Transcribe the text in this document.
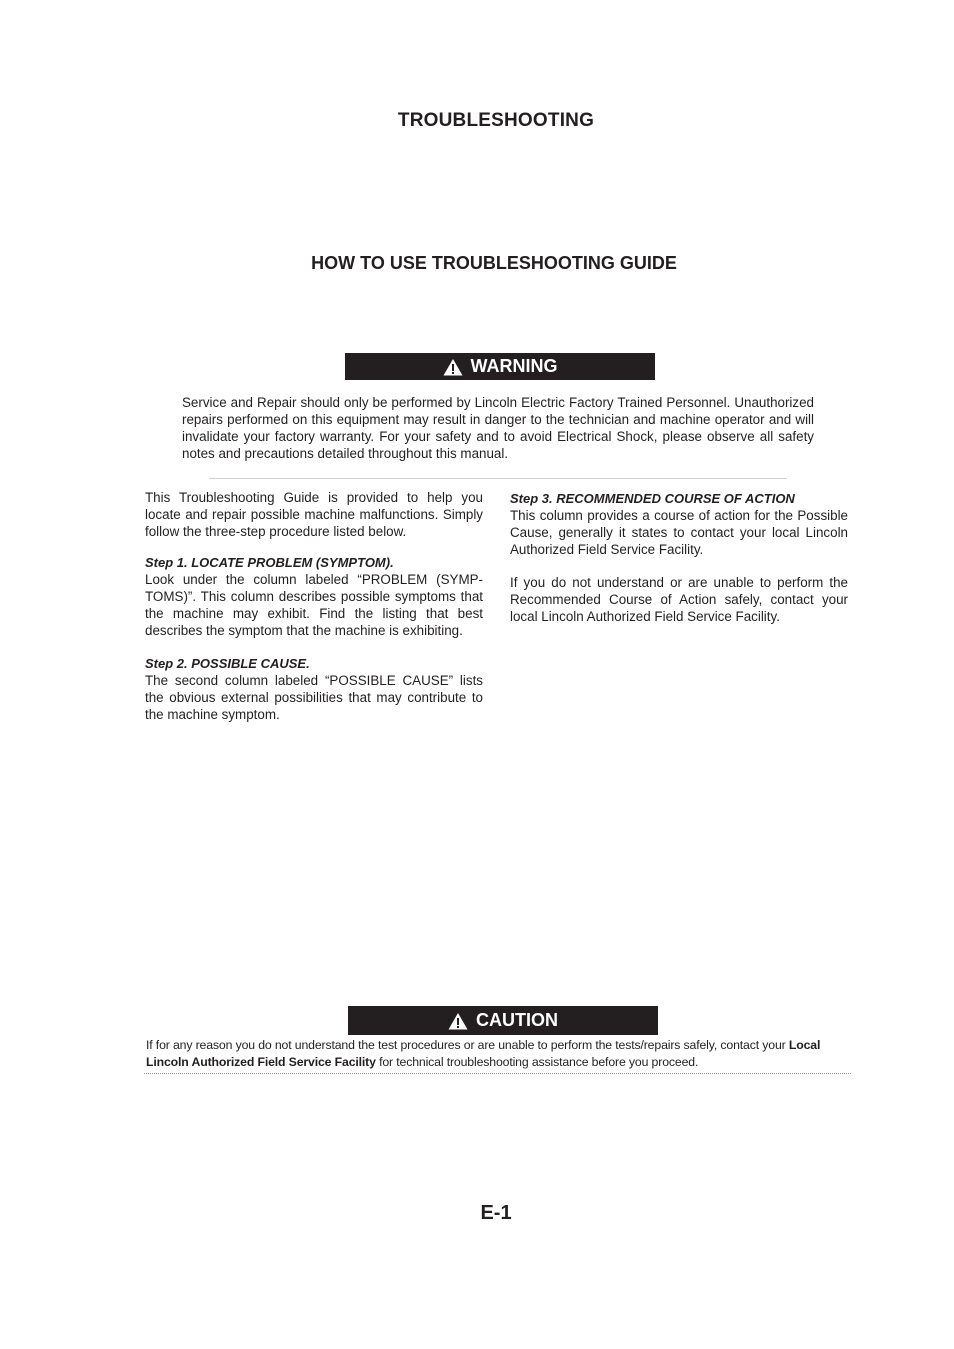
TROUBLESHOOTING
HOW TO USE TROUBLESHOOTING GUIDE
WARNING
Service and Repair should only be performed by Lincoln Electric Factory Trained Personnel. Unauthorized repairs performed on this equipment may result in danger to the technician and machine operator and will invalidate your factory warranty. For your safety and to avoid Electrical Shock, please observe all safety notes and precautions detailed throughout this manual.

This Troubleshooting Guide is provided to help you locate and repair possible machine malfunctions. Simply follow the three-step procedure listed below.

Step 1. LOCATE PROBLEM (SYMPTOM).

Look under the column labeled “PROBLEM (SYMP-TOMS)”. This column describes possible symptoms that the machine may exhibit. Find the listing that best describes the symptom that the machine is exhibiting.

Step 2. POSSIBLE CAUSE.

The second column labeled “POSSIBLE CAUSE” lists the obvious external possibilities that may contribute to the machine symptom.

Step 3. RECOMMENDED COURSE OF ACTION

This column provides a course of action for the Possible Cause, generally it states to contact your local Lincoln Authorized Field Service Facility.

If you do not understand or are unable to perform the Recommended Course of Action safely, contact your local Lincoln Authorized Field Service Facility.

CAUTION
If for any reason you do not understand the test procedures or are unable to perform the tests/repairs safely, contact your Local Lincoln Authorized Field Service Facility for technical troubleshooting assistance before you proceed.
E-1
